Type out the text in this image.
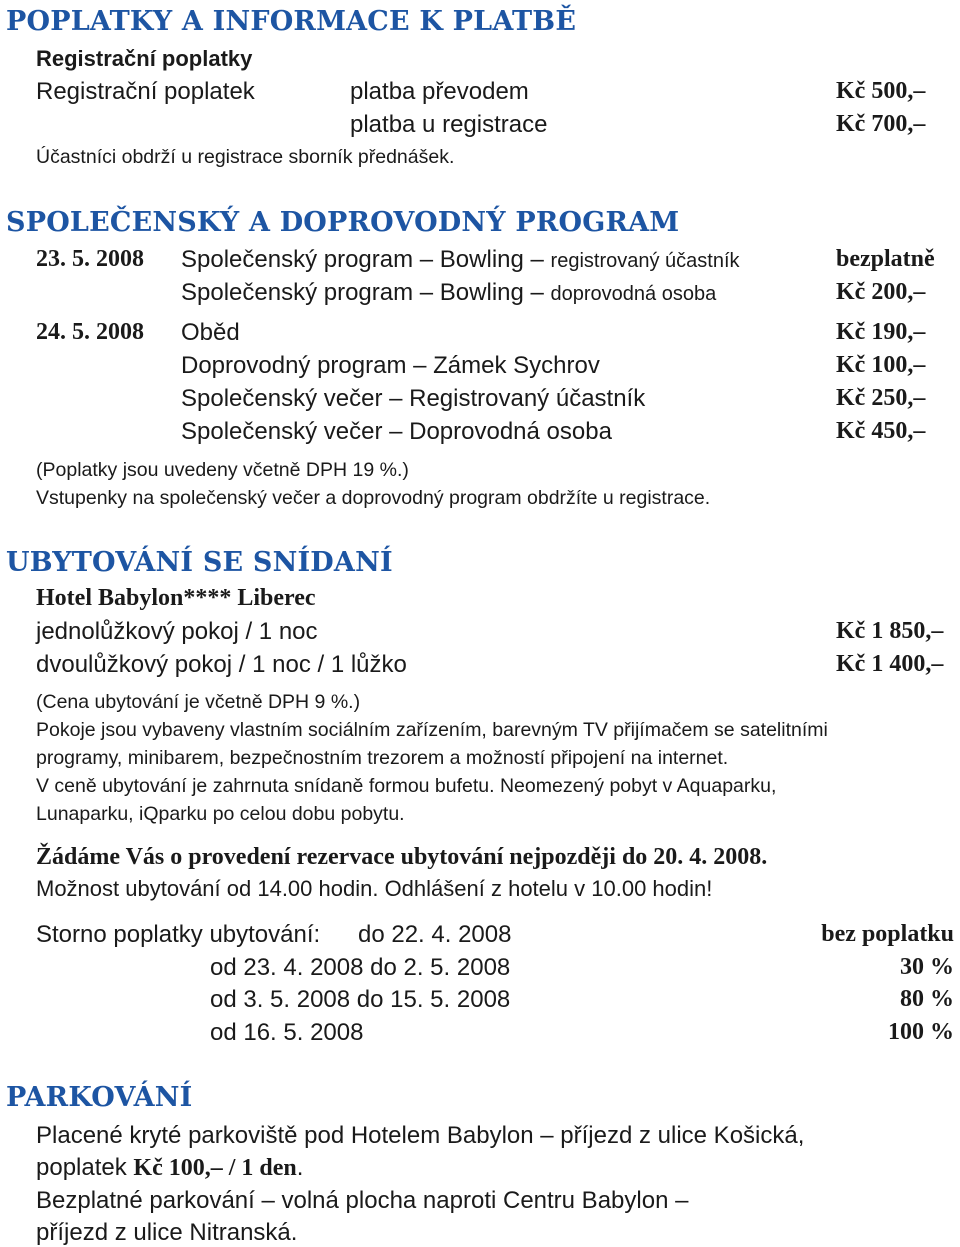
POPLATKY A INFORMACE K PLATBĚ
Registrační poplatky
Registrační poplatek	platba převodem	Kč 500,–
platba u registrace	Kč 700,–
Účastníci obdrží u registrace sborník přednášek.
SPOLEČENSKÝ A DOPROVODNÝ PROGRAM
23. 5. 2008 Společenský program – Bowling – registrovaný účastník	bezplatně
Společenský program – Bowling – doprovodná osoba	Kč 200,–
24. 5. 2008 Oběd	Kč 190,–
Doprovodný program – Zámek Sychrov	Kč 100,–
Společenský večer – Registrovaný účastník	Kč 250,–
Společenský večer – Doprovodná osoba	Kč 450,–
(Poplatky jsou uvedeny včetně DPH 19 %.)
Vstupenky na společenský večer a doprovodný program obdržíte u registrace.
UBYTOVÁNÍ SE SNÍDANÍ
Hotel Babylon**** Liberec
jednolůžkový pokoj / 1 noc	Kč 1 850,–
dvoulůžkový pokoj / 1 noc / 1 lůžko	Kč 1 400,–
(Cena ubytování je včetně DPH 9 %.)
Pokoje jsou vybaveny vlastním sociálním zařízením, barevným TV přijímačem se satelitními
programy, minibarem, bezpečnostním trezorem a možností připojení na internet.
V ceně ubytování je zahrnuta snídaně formou bufetu. Neomezený pobyt v Aquaparku,
Lunaparku, iQparku po celou dobu pobytu.
Žádáme Vás o provedení rezervace ubytování nejpozději do 20. 4. 2008.
Možnost ubytování od 14.00 hodin. Odhlášení z hotelu v 10.00 hodin!
Storno poplatky ubytování: do 22. 4. 2008	bez poplatku
od 23. 4. 2008 do 2. 5. 2008	30 %
od 3. 5. 2008 do 15. 5. 2008	80 %
od 16. 5. 2008	100 %
PARKOVÁNÍ
Placené kryté parkoviště pod Hotelem Babylon – příjezd z ulice Košická,
poplatek Kč 100,– / 1 den.
Bezplatné parkování – volná plocha naproti Centru Babylon –
příjezd z ulice Nitranská.
